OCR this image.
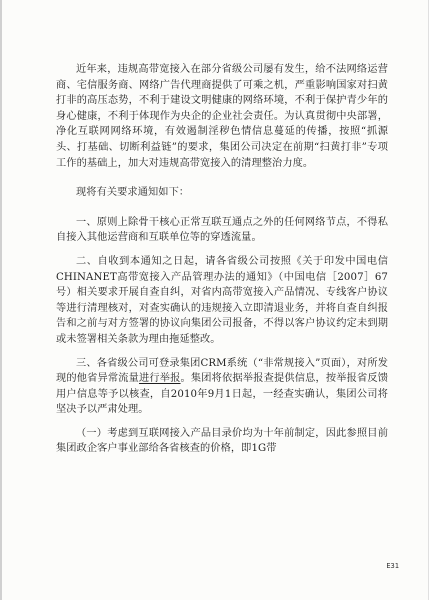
近年来，违规高带宽接入在部分省级公司屡有发生，给不法网络运营商、宅信服务商、网络广告代理商提供了可乘之机，严重影响国家对扫黄打非的高压态势，不利于建设文明健康的网络环境，不利于保护青少年的身心健康，不利于体现作为央企的企业社会责任。为认真贯彻中央部署，净化互联网网络环境，有效遏制淫秽色情信息蔓延的传播，按照“抓源头、打基础、切断利益链”的要求，集团公司决定在前期“扫黄打非”专项工作的基础上，加大对违规高带宽接入的清理整治力度。

现将有关要求通知如下：

一、原则上除骨干核心正常互联互通点之外的任何网络节点，不得私自接入其他运营商和互联单位等的穿透流量。

二、自收到本通知之日起，请各省级公司按照《关于印发中国电信CHINANET高带宽接入产品管理办法的通知》（中国电信［2007］67号）相关要求开展自查自纠，对省内高带宽接入产品情况、专线客户协议等进行清理核对，对查实确认的违规接入立即清退业务，并将自查自纠报告和之前与对方签署的协议向集团公司报备，不得以客户协议约定未到期或未签署相关条款为理由拖延整改。

三、各省级公司可登录集团CRM系统（“非常规接入”页面），对所发现的他省异常流量进行举报。集团将依据举报查提供信息，按举报省反馈用户信息等予以核查，自2010年9月1日起，一经查实确认，集团公司将坚决予以严肃处理。

（一）考虑到互联网接入产品目录价均为十年前制定，因此参照目前集团政企客户事业部给各省核查的价格，即1G带

E31
